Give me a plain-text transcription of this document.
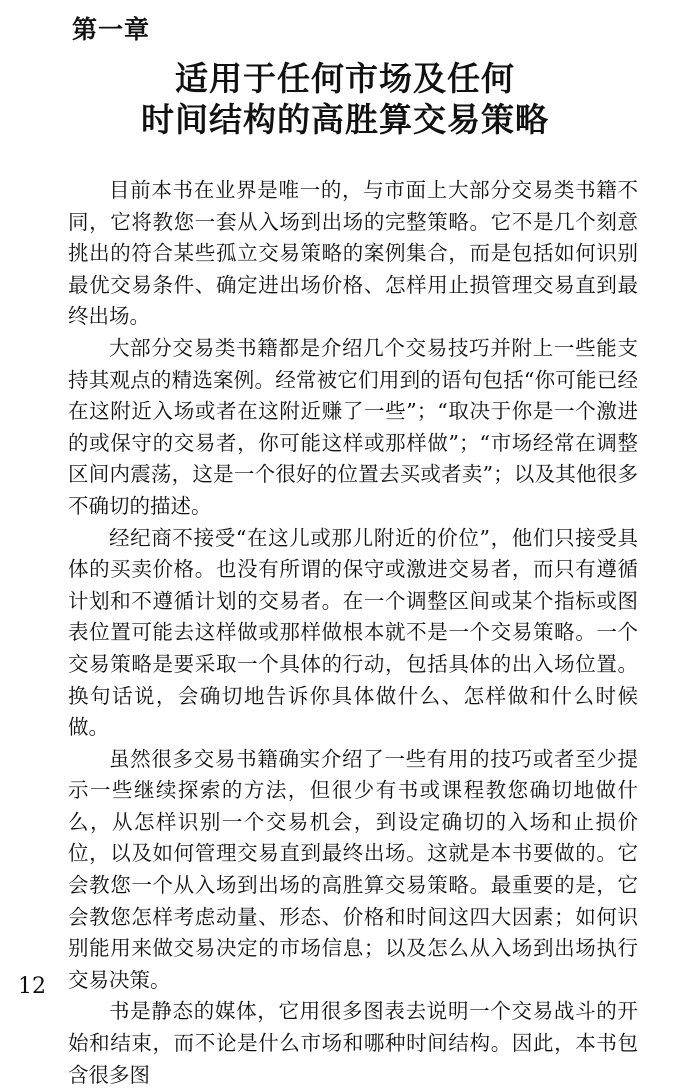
第一章
适用于任何市场及任何
时间结构的高胜算交易策略

目前本书在业界是唯一的，与市面上大部分交易类书籍不同，它将教您一套从入场到出场的完整策略。它不是几个刻意挑出的符合某些孤立交易策略的案例集合，而是包括如何识别最优交易条件、确定进出场价格、怎样用止损管理交易直到最终出场。

大部分交易类书籍都是介绍几个交易技巧并附上一些能支持其观点的精选案例。经常被它们用到的语句包括“你可能已经在这附近入场或者在这附近赚了一些”；“取决于你是一个激进的或保守的交易者，你可能这样或那样做”；“市场经常在调整区间内震荡，这是一个很好的位置去买或者卖”；以及其他很多不确切的描述。

经纪商不接受“在这儿或那儿附近的价位”，他们只接受具体的买卖价格。也没有所谓的保守或激进交易者，而只有遵循计划和不遵循计划的交易者。在一个调整区间或某个指标或图表位置可能去这样做或那样做根本就不是一个交易策略。一个交易策略是要采取一个具体的行动，包括具体的出入场位置。换句话说，会确切地告诉你具体做什么、怎样做和什么时候做。

虽然很多交易书籍确实介绍了一些有用的技巧或者至少提示一些继续探索的方法，但很少有书或课程教您确切地做什么，从怎样识别一个交易机会，到设定确切的入场和止损价位，以及如何管理交易直到最终出场。这就是本书要做的。它会教您一个从入场到出场的高胜算交易策略。最重要的是，它会教您怎样考虑动量、形态、价格和时间这四大因素；如何识别能用来做交易决定的市场信息；以及怎么从入场到出场执行交易决策。

书是静态的媒体，它用很多图表去说明一个交易战斗的开始和结束，而不论是什么市场和哪种时间结构。因此，本书包含很多图

12
